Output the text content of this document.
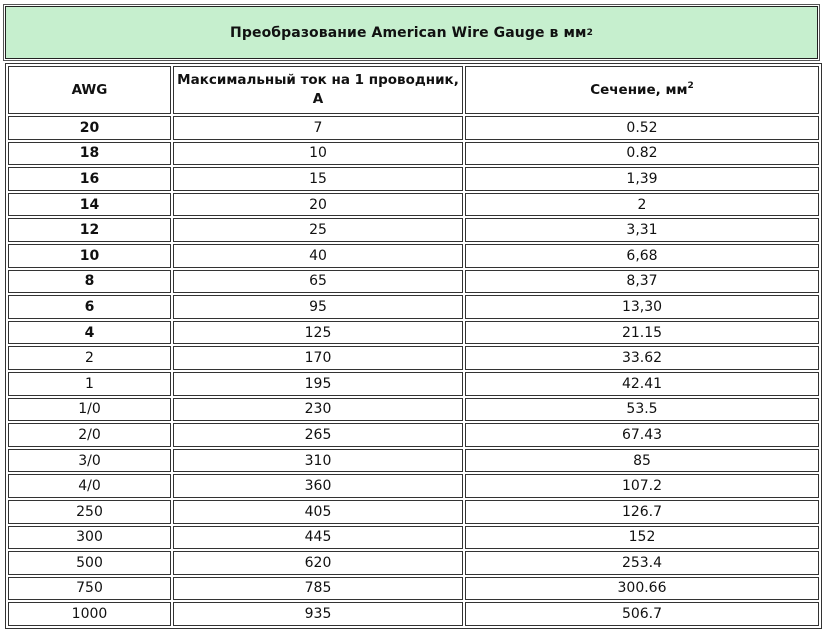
Преобразование American Wire Gauge в мм 2
AWG	Максимальный ток на 1 проводник, А	Сечение, $мм^2$
20	7	0.52
18	10	0.82
16	15	1,39
14	20	2
12	25	3,31
10	40	6,68
8	65	8,37
6	95	13,30
4	125	21.15
2	170	33.62
1	195	42.41
1/0	230	53.5
2/0	265	67.43
3/0	310	85
4/0	360	107.2
250	405	126.7
300	445	152
500	620	253.4
750	785	300.66
1000	935	506.7
